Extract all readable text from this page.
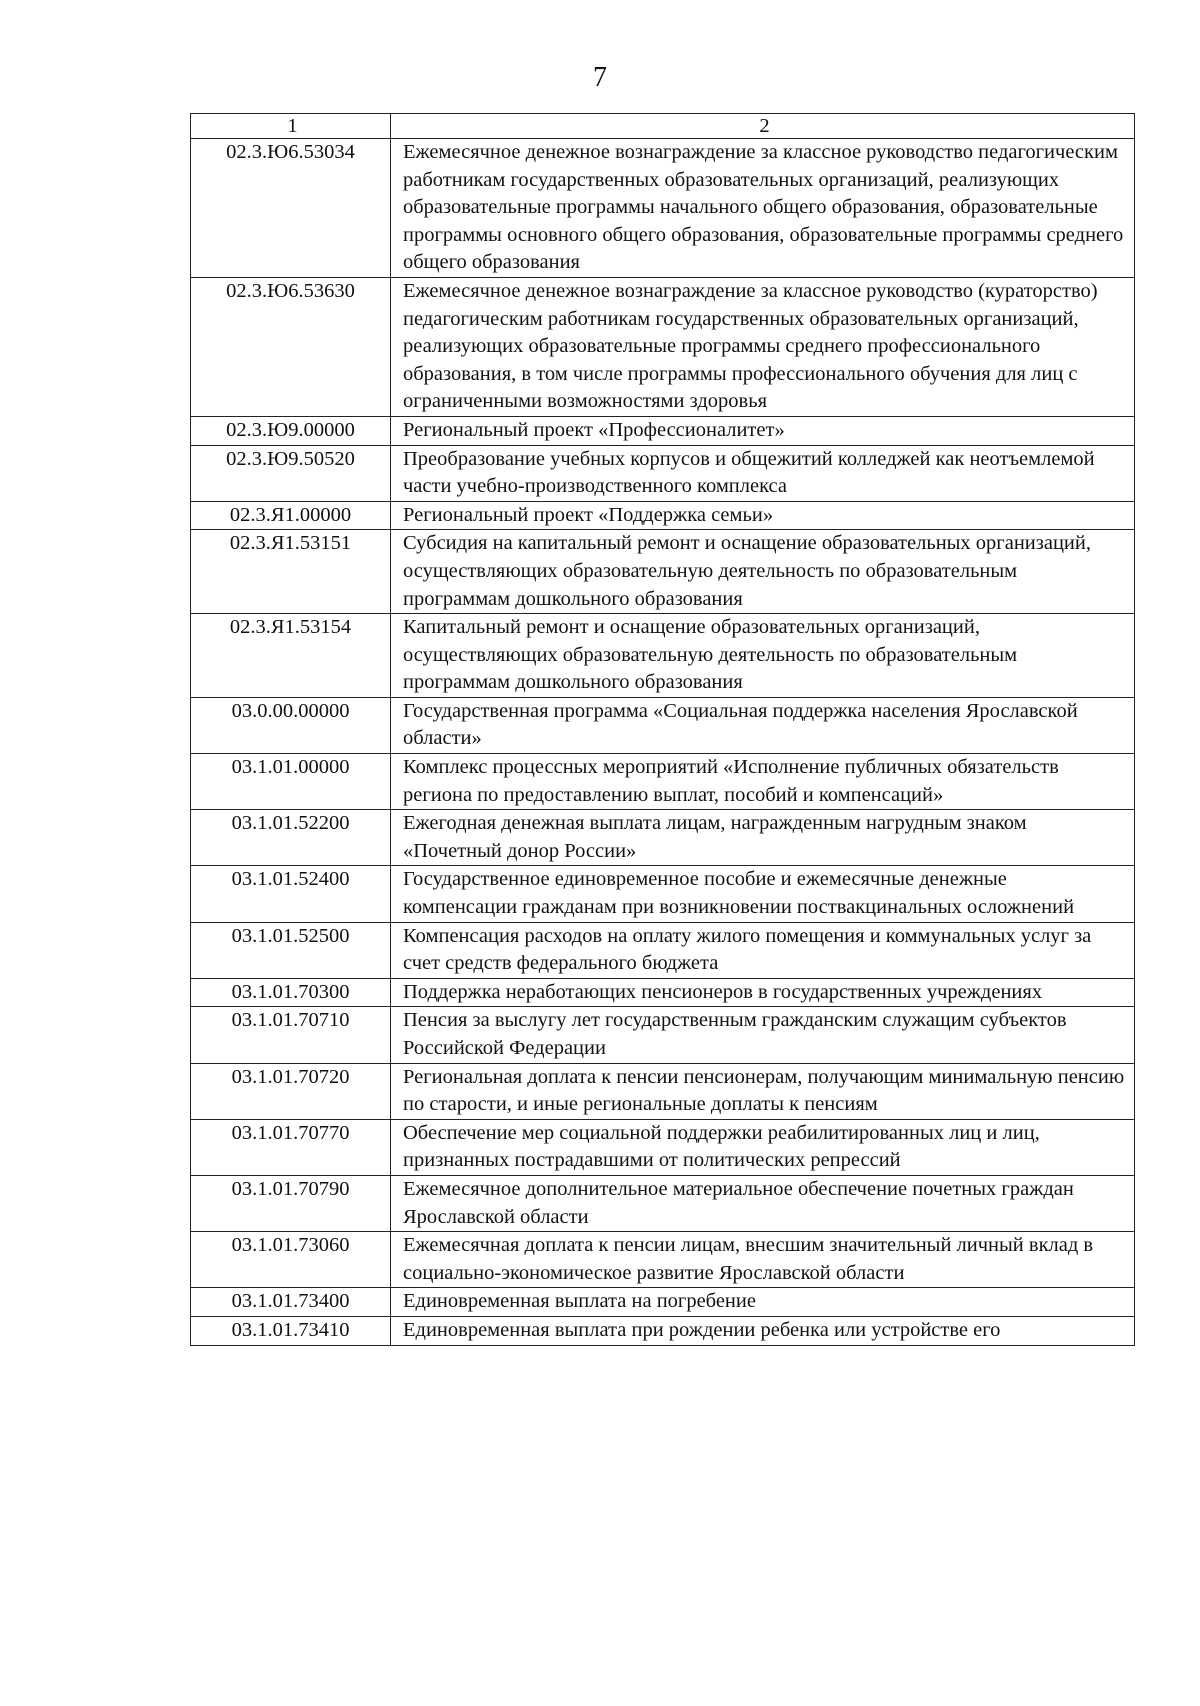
7
1	2
02.3.Ю6.53034	Ежемесячное денежное вознаграждение за классное руководство педагогическим работникам государственных образовательных организаций, реализующих образовательные программы начального общего образования, образовательные программы основного общего образования, образовательные программы среднего общего образования
02.3.Ю6.53630	Ежемесячное денежное вознаграждение за классное руководство (кураторство) педагогическим работникам государственных образовательных организаций, реализующих образовательные программы среднего профессионального образования, в том числе программы профессионального обучения для лиц с ограниченными возможностями здоровья
02.3.Ю9.00000	Региональный проект «Профессионалитет»
02.3.Ю9.50520	Преобразование учебных корпусов и общежитий колледжей как неотъемлемой части учебно-производственного комплекса
02.3.Я1.00000	Региональный проект «Поддержка семьи»
02.3.Я1.53151	Субсидия на капитальный ремонт и оснащение образовательных организаций, осуществляющих образовательную деятельность по образовательным программам дошкольного образования
02.3.Я1.53154	Капитальный ремонт и оснащение образовательных организаций, осуществляющих образовательную деятельность по образовательным программам дошкольного образования
03.0.00.00000	Государственная программа «Социальная поддержка населения Ярославской области»
03.1.01.00000	Комплекс процессных мероприятий «Исполнение публичных обязательств региона по предоставлению выплат, пособий и компенсаций»
03.1.01.52200	Ежегодная денежная выплата лицам, награжденным нагрудным знаком «Почетный донор России»
03.1.01.52400	Государственное единовременное пособие и ежемесячные денежные компенсации гражданам при возникновении поствакцинальных осложнений
03.1.01.52500	Компенсация расходов на оплату жилого помещения и коммунальных услуг за счет средств федерального бюджета
03.1.01.70300	Поддержка неработающих пенсионеров в государственных учреждениях
03.1.01.70710	Пенсия за выслугу лет государственным гражданским служащим субъектов Российской Федерации
03.1.01.70720	Региональная доплата к пенсии пенсионерам, получающим минимальную пенсию по старости, и иные региональные доплаты к пенсиям
03.1.01.70770	Обеспечение мер социальной поддержки реабилитированных лиц и лиц, признанных пострадавшими от политических репрессий
03.1.01.70790	Ежемесячное дополнительное материальное обеспечение почетных граждан Ярославской области
03.1.01.73060	Ежемесячная доплата к пенсии лицам, внесшим значительный личный вклад в социально-экономическое развитие Ярославской области
03.1.01.73400	Единовременная выплата на погребение
03.1.01.73410	Единовременная выплата при рождении ребенка или устройстве его
